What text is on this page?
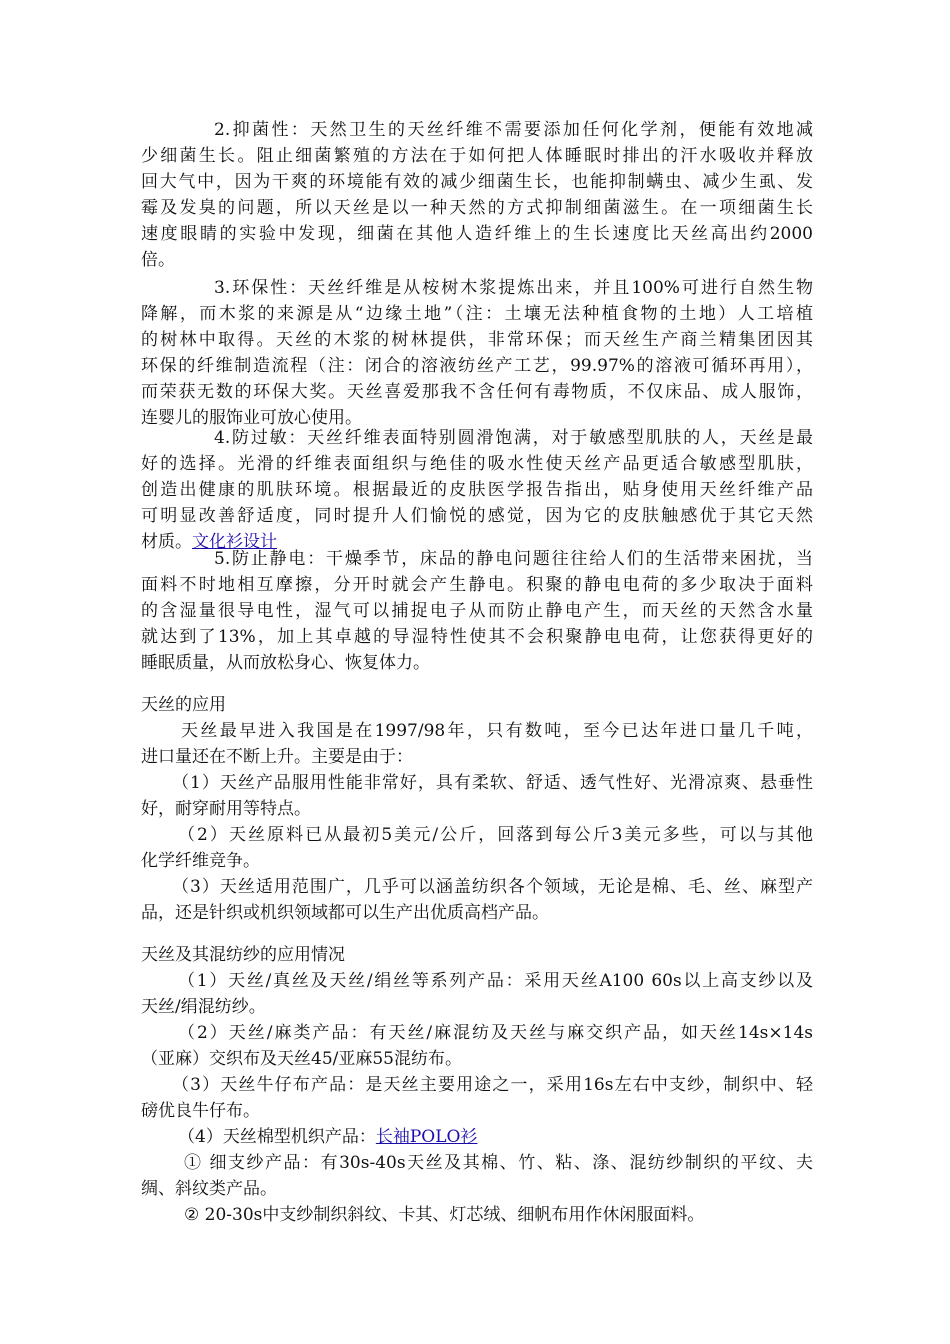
2.抑菌性：天然卫生的天丝纤维不需要添加任何化学剂，便能有效地减
少细菌生长。阻止细菌繁殖的方法在于如何把人体睡眠时排出的汗水吸收并释放
回大气中，因为干爽的环境能有效的减少细菌生长，也能抑制螨虫、减少生虱、发
霉及发臭的问题，所以天丝是以一种天然的方式抑制细菌滋生。在一项细菌生长
速度眼睛的实验中发现，细菌在其他人造纤维上的生长速度比天丝高出约2000
倍。
3.环保性：天丝纤维是从桉树木浆提炼出来，并且100%可进行自然生物
降解，而木浆的来源是从“边缘土地”（注：土壤无法种植食物的土地）人工培植
的树林中取得。天丝的木浆的树林提供，非常环保；而天丝生产商兰精集团因其
环保的纤维制造流程（注：闭合的溶液纺丝产工艺，99.97%的溶液可循环再用），
而荣获无数的环保大奖。天丝喜爱那我不含任何有毒物质，不仅床品、成人服饰，
连婴儿的服饰业可放心使用。
4.防过敏：天丝纤维表面特别圆滑饱满，对于敏感型肌肤的人，天丝是最
好的选择。光滑的纤维表面组织与绝佳的吸水性使天丝产品更适合敏感型肌肤，
创造出健康的肌肤环境。根据最近的皮肤医学报告指出，贴身使用天丝纤维产品
可明显改善舒适度，同时提升人们愉悦的感觉，因为它的皮肤触感优于其它天然
材质。文化衫设计
5.防止静电：干燥季节，床品的静电问题往往给人们的生活带来困扰，当
面料不时地相互摩擦，分开时就会产生静电。积聚的静电电荷的多少取决于面料
的含湿量很导电性，湿气可以捕捉电子从而防止静电产生，而天丝的天然含水量
就达到了13%，加上其卓越的导湿特性使其不会积聚静电电荷，让您获得更好的
睡眠质量，从而放松身心、恢复体力。
天丝的应用
天丝最早进入我国是在1997/98年，只有数吨，至今已达年进口量几千吨，
进口量还在不断上升。主要是由于：
（1）天丝产品服用性能非常好，具有柔软、舒适、透气性好、光滑凉爽、悬垂性
好，耐穿耐用等特点。
（2）天丝原料已从最初5美元/公斤，回落到每公斤3美元多些，可以与其他
化学纤维竞争。
（3）天丝适用范围广，几乎可以涵盖纺织各个领域，无论是棉、毛、丝、麻型产
品，还是针织或机织领域都可以生产出优质高档产品。
天丝及其混纺纱的应用情况
（1）天丝/真丝及天丝/绢丝等系列产品：采用天丝A100 60s以上高支纱以及
天丝/绢混纺纱。
（2）天丝/麻类产品：有天丝/麻混纺及天丝与麻交织产品，如天丝14s×14s
（亚麻）交织布及天丝45/亚麻55混纺布。
（3）天丝牛仔布产品：是天丝主要用途之一，采用16s左右中支纱，制织中、轻
磅优良牛仔布。
（4）天丝棉型机织产品：长袖POLO衫
① 细支纱产品：有30s-40s天丝及其棉、竹、粘、涤、混纺纱制织的平纹、夫
绸、斜纹类产品。
② 20-30s中支纱制织斜纹、卡其、灯芯绒、细帆布用作休闲服面料。
